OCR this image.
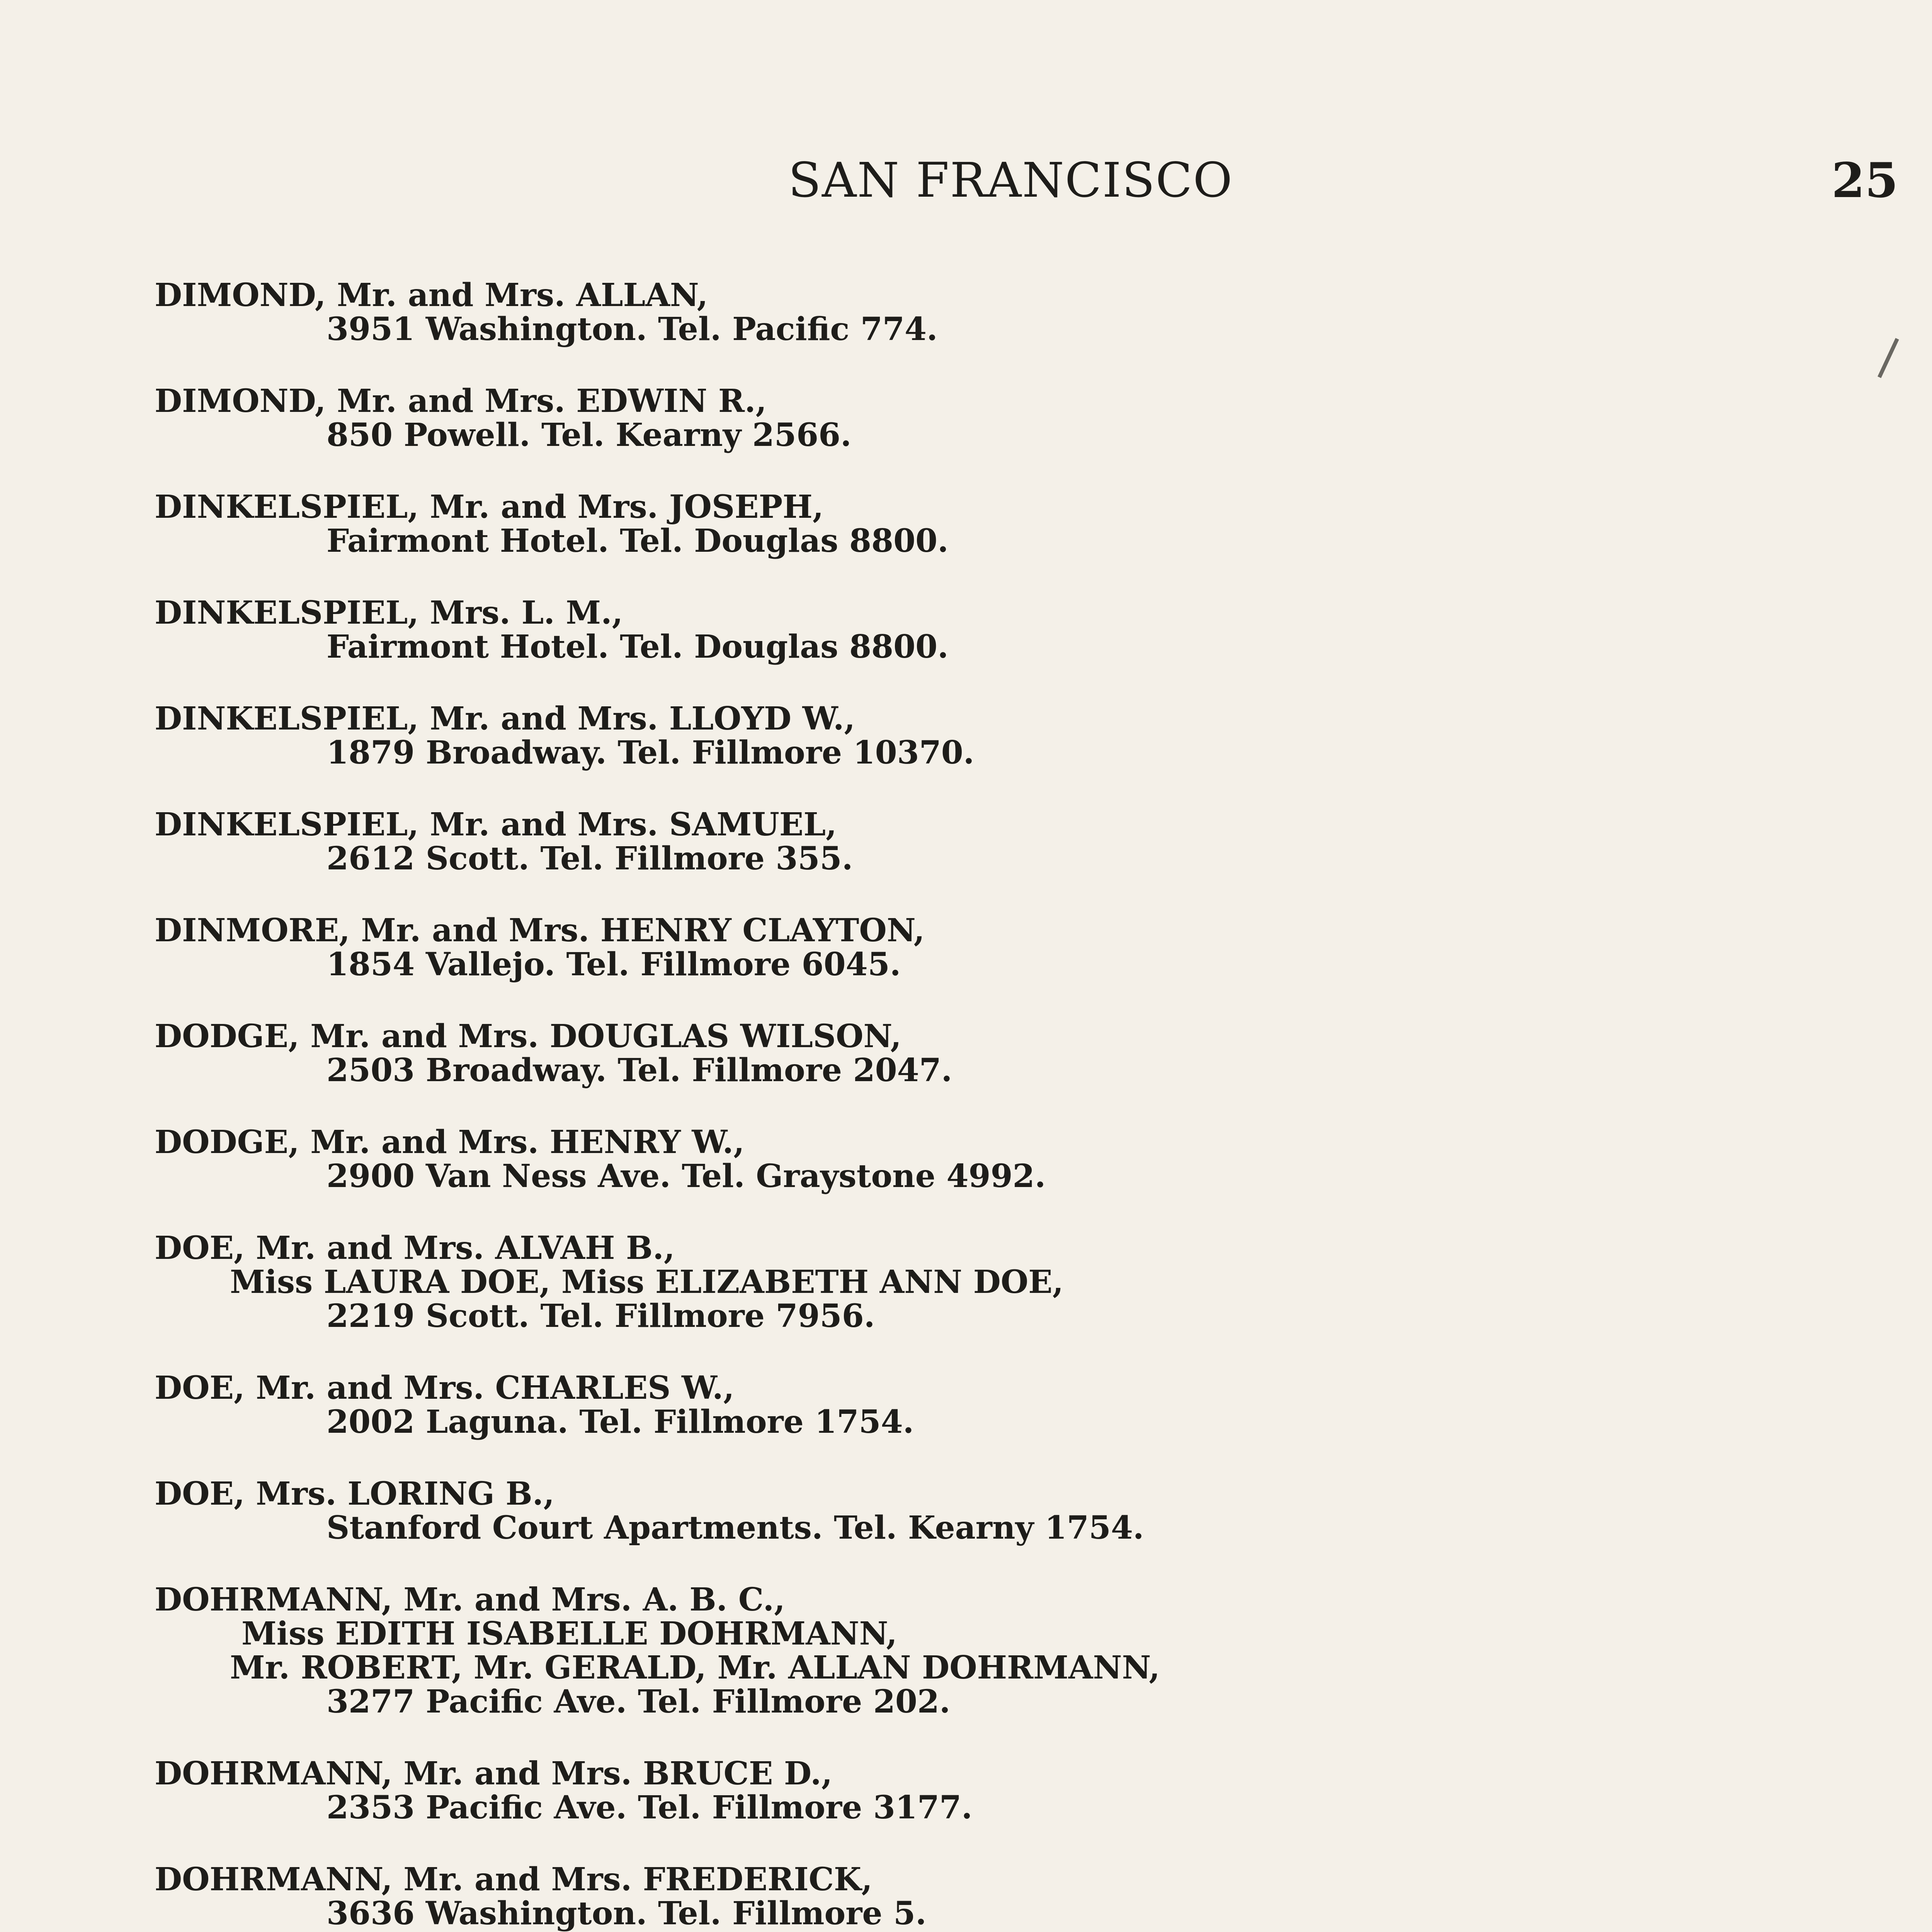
SAN FRANCISCO	25
DIMOND, Mr. and Mrs. ALLAN,
3951 Washington. Tel. Pacific 774.
DIMOND, Mr. and Mrs. EDWIN R.,
850 Powell. Tel. Kearny 2566.
DINKELSPIEL, Mr. and Mrs. JOSEPH,
Fairmont Hotel. Tel. Douglas 8800.
DINKELSPIEL, Mrs. L. M.,
Fairmont Hotel. Tel. Douglas 8800.
DINKELSPIEL, Mr. and Mrs. LLOYD W.,
1879 Broadway. Tel. Fillmore 10370.
DINKELSPIEL, Mr. and Mrs. SAMUEL,
2612 Scott. Tel. Fillmore 355.
DINMORE, Mr. and Mrs. HENRY CLAYTON,
1854 Vallejo. Tel. Fillmore 6045.
DODGE, Mr. and Mrs. DOUGLAS WILSON,
2503 Broadway. Tel. Fillmore 2047.
DODGE, Mr. and Mrs. HENRY W.,
2900 Van Ness Ave. Tel. Graystone 4992.
DOE, Mr. and Mrs. ALVAH B.,
Miss LAURA DOE, Miss ELIZABETH ANN DOE,
2219 Scott. Tel. Fillmore 7956.
DOE, Mr. and Mrs. CHARLES W.,
2002 Laguna. Tel. Fillmore 1754.
DOE, Mrs. LORING B.,
Stanford Court Apartments. Tel. Kearny 1754.
DOHRMANN, Mr. and Mrs. A. B. C.,
Miss EDITH ISABELLE DOHRMANN,
Mr. ROBERT, Mr. GERALD, Mr. ALLAN DOHRMANN,
3277 Pacific Ave. Tel. Fillmore 202.
DOHRMANN, Mr. and Mrs. BRUCE D.,
2353 Pacific Ave. Tel. Fillmore 3177.
DOHRMANN, Mr. and Mrs. FREDERICK,
3636 Washington. Tel. Fillmore 5.
